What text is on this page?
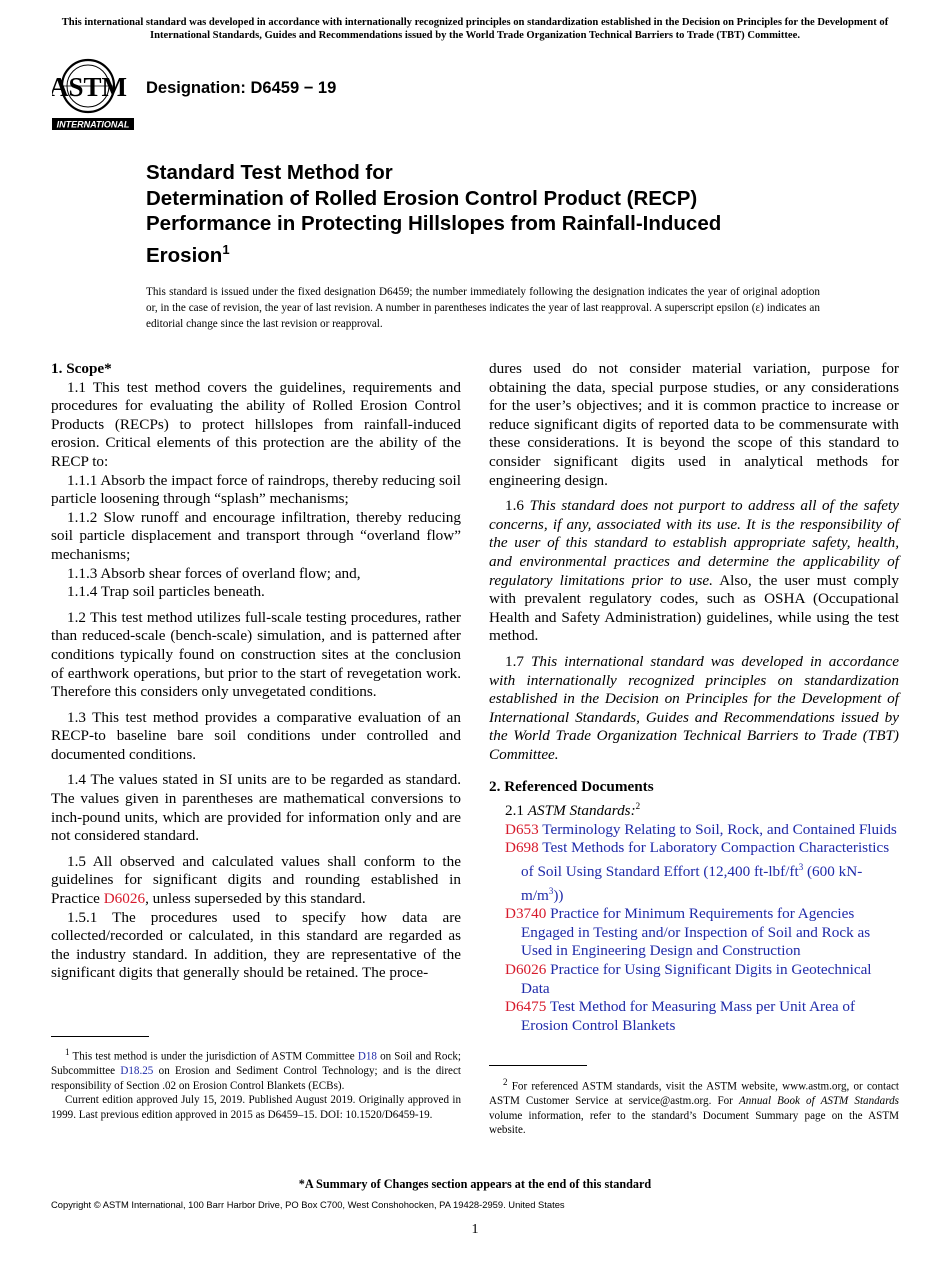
This international standard was developed in accordance with internationally recognized principles on standardization established in the Decision on Principles for the Development of International Standards, Guides and Recommendations issued by the World Trade Organization Technical Barriers to Trade (TBT) Committee.
ASTM
INTERNATIONAL
Designation: D6459 − 19
Standard Test Method for
Determination of Rolled Erosion Control Product (RECP)
Performance in Protecting Hillslopes from Rainfall-Induced
Erosion$^1$
This standard is issued under the fixed designation D6459; the number immediately following the designation indicates the year of original adoption or, in the case of revision, the year of last revision. A number in parentheses indicates the year of last reapproval. A superscript epsilon (ε) indicates an editorial change since the last revision or reapproval.

1. Scope*

1.1 This test method covers the guidelines, requirements and procedures for evaluating the ability of Rolled Erosion Control Products (RECPs) to protect hillslopes from rainfall-induced erosion. Critical elements of this protection are the ability of the RECP to:

1.1.1 Absorb the impact force of raindrops, thereby reducing soil particle loosening through “splash” mechanisms;

1.1.2 Slow runoff and encourage infiltration, thereby reducing soil particle displacement and transport through “overland flow” mechanisms;

1.1.3 Absorb shear forces of overland flow; and,

1.1.4 Trap soil particles beneath.

1.2 This test method utilizes full-scale testing procedures, rather than reduced-scale (bench-scale) simulation, and is patterned after conditions typically found on construction sites at the conclusion of earthwork operations, but prior to the start of revegetation work. Therefore this considers only unvegetated conditions.

1.3 This test method provides a comparative evaluation of an RECP-to baseline bare soil conditions under controlled and documented conditions.

1.4 The values stated in SI units are to be regarded as standard. The values given in parentheses are mathematical conversions to inch-pound units, which are provided for information only and are not considered standard.

1.5 All observed and calculated values shall conform to the guidelines for significant digits and rounding established in Practice D6026, unless superseded by this standard.

1.5.1 The procedures used to specify how data are collected/recorded or calculated, in this standard are regarded as the industry standard. In addition, they are representative of the significant digits that generally should be retained. The proce-

$^1$ This test method is under the jurisdiction of ASTM Committee D18 on Soil and Rock; Subcommittee D18.25 on Erosion and Sediment Control Technology; and is the direct responsibility of Section .02 on Erosion Control Blankets (ECBs).

Current edition approved July 15, 2019. Published August 2019. Originally approved in 1999. Last previous edition approved in 2015 as D6459–15. DOI: 10.1520/D6459-19.

dures used do not consider material variation, purpose for obtaining the data, special purpose studies, or any considerations for the user’s objectives; and it is common practice to increase or reduce significant digits of reported data to be commensurate with these considerations. It is beyond the scope of this standard to consider significant digits used in analytical methods for engineering design.

1.6 This standard does not purport to address all of the safety concerns, if any, associated with its use. It is the responsibility of the user of this standard to establish appropriate safety, health, and environmental practices and determine the applicability of regulatory limitations prior to use. Also, the user must comply with prevalent regulatory codes, such as OSHA (Occupational Health and Safety Administration) guidelines, while using the test method.

1.7 This international standard was developed in accordance with internationally recognized principles on standardization established in the Decision on Principles for the Development of International Standards, Guides and Recommendations issued by the World Trade Organization Technical Barriers to Trade (TBT) Committee.

2. Referenced Documents

2.1 ASTM Standards:$^2$

D653 Terminology Relating to Soil, Rock, and Contained Fluids

D698 Test Methods for Laboratory Compaction Characteristics of Soil Using Standard Effort (12,400 $ft-lbf/ft^3$ (600 $kN-m/m^3$))

D3740 Practice for Minimum Requirements for Agencies Engaged in Testing and/or Inspection of Soil and Rock as Used in Engineering Design and Construction

D6026 Practice for Using Significant Digits in Geotechnical Data

D6475 Test Method for Measuring Mass per Unit Area of Erosion Control Blankets

$^2$ For referenced ASTM standards, visit the ASTM website, www.astm.org, or contact ASTM Customer Service at service@astm.org. For Annual Book of ASTM Standards volume information, refer to the standard’s Document Summary page on the ASTM website.

*A Summary of Changes section appears at the end of this standard
Copyright © ASTM International, 100 Barr Harbor Drive, PO Box C700, West Conshohocken, PA 19428-2959. United States
1
